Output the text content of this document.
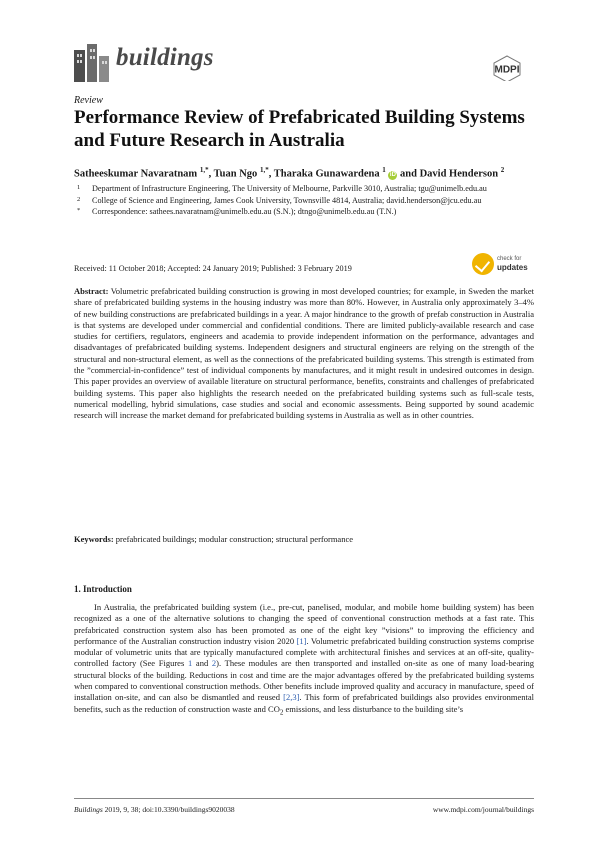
buildings	MDPI
Review
Performance Review of Prefabricated Building Systems and Future Research in Australia
Satheeskumar Navaratnam $^{1,*}$, Tuan Ngo $^{1,*}$, Tharaka Gunawardena $^1$ iD and David Henderson $^2$
1 Department of Infrastructure Engineering, The University of Melbourne, Parkville 3010, Australia; tgu@unimelb.edu.au
2 College of Science and Engineering, James Cook University, Townsville 4814, Australia; david.henderson@jcu.edu.au
* Correspondence: sathees.navaratnam@unimelb.edu.au (S.N.); dtngo@unimelb.edu.au (T.N.)
Received: 11 October 2018; Accepted: 24 January 2019; Published: 3 February 2019
check for
updates
Abstract: Volumetric prefabricated building construction is growing in most developed countries; for example, in Sweden the market share of prefabricated building systems in the housing industry was more than 80%. However, in Australia only approximately 3–4% of new building constructions are prefabricated buildings in a year. A major hindrance to the growth of prefab construction in Australia is that systems are developed under commercial and confidential conditions. There are limited publicly-available research and case studies for certifiers, regulators, engineers and academia to provide independent information on the performance, advantages and disadvantages of prefabricated building systems. Independent designers and structural engineers are relying on the strength of the structural and non-structural element, as well as the connections of the prefabricated building systems. This strength is estimated from the ”commercial-in-confidence” test of individual components by manufactures, and it might result in undesired outcomes in design. This paper provides an overview of available literature on structural performance, benefits, constraints and challenges of prefabricated building systems. This paper also highlights the research needed on the prefabricated building systems such as full-scale tests, numerical modelling, hybrid simulations, case studies and social and economic assessments. Being supported by sound academic research will increase the market demand for prefabricated building systems in Australia as well as in other countries.
Keywords: prefabricated buildings; modular construction; structural performance
1. Introduction
In Australia, the prefabricated building system (i.e., pre-cut, panelised, modular, and mobile home building system) has been recognized as a one of the alternative solutions to changing the speed of conventional construction methods at a fast rate. This prefabricated construction system also has been promoted as one of the eight key ”visions” to improving the efficiency and performance of the Australian construction industry vision 2020 [1]. Volumetric prefabricated building construction systems comprise modular of volumetric units that are typically manufactured complete with architectural finishes and services at an off-site, quality-controlled factory (See Figures 1 and 2). These modules are then transported and installed on-site as one of many load-bearing structural blocks of the building. Reductions in cost and time are the major advantages offered by the prefabricated building systems when compared to conventional construction methods. Other benefits include improved quality and accuracy in manufacture, speed of installation on-site, and can also be dismantled and reused [2,3]. This form of prefabricated buildings also provides environmental benefits, such as the reduction of construction waste and $CO_2$ emissions, and less disturbance to the building site’s
Buildings 2019, 9, 38; doi:10.3390/buildings9020038	www.mdpi.com/journal/buildings
